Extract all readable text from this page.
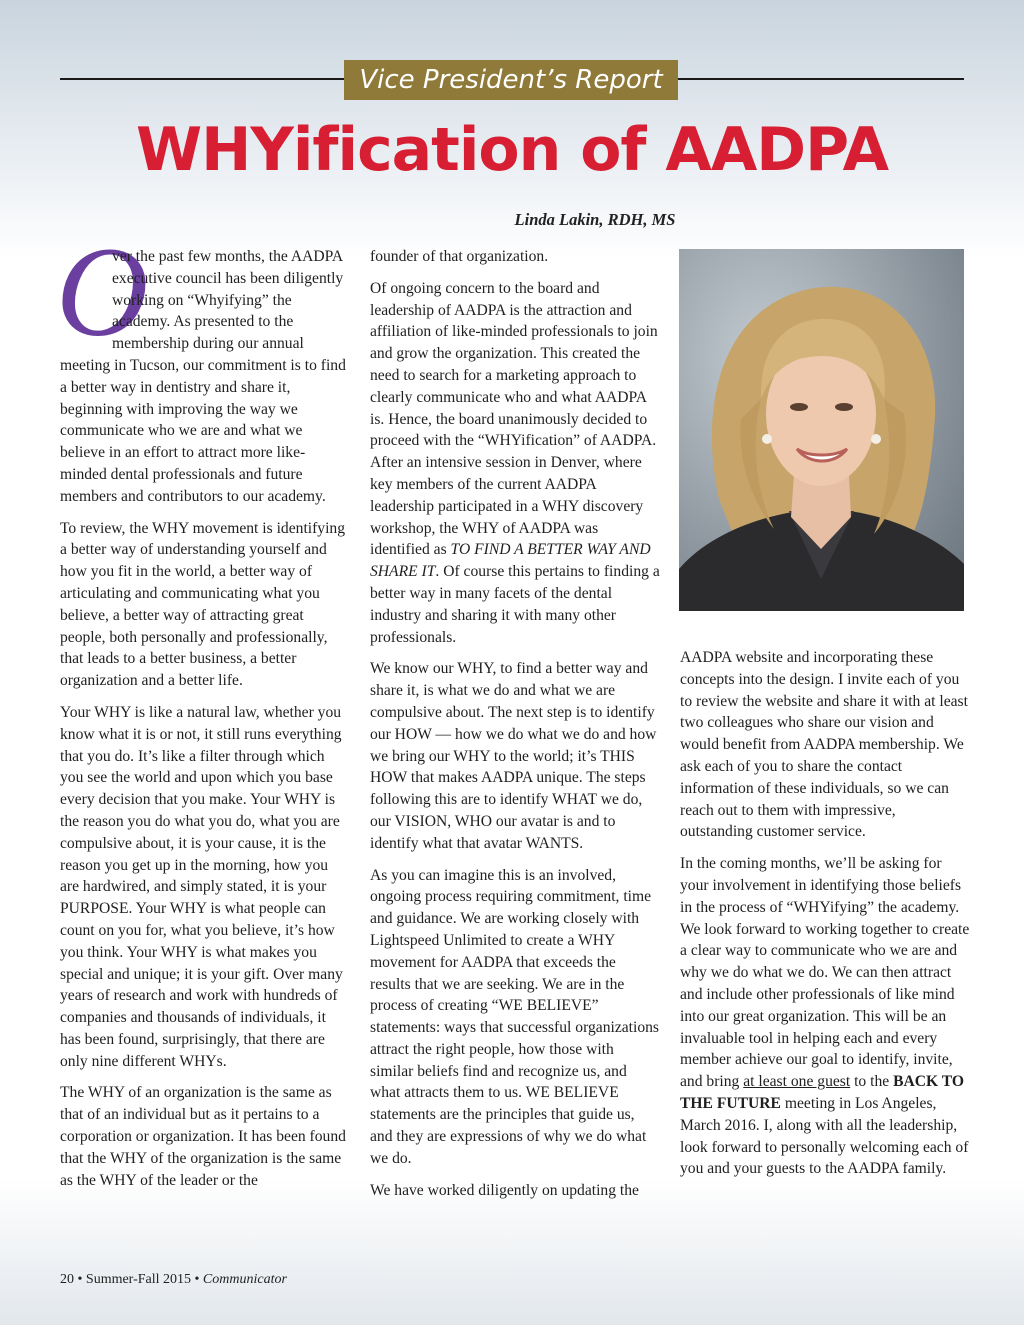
Vice President’s Report
WHYification of AADPA

Linda Lakin, RDH, MS

O
ver the past few months, the AADPA executive council has been diligently working on “Whyifying” the academy. As presented to the membership during our annual meeting in Tucson, our commitment is to find a better way in dentistry and share it, beginning with improving the way we communicate who we are and what we believe in an effort to attract more like-minded dental professionals and future members and contributors to our academy.

To review, the WHY movement is identifying a better way of understanding yourself and how you fit in the world, a better way of articulating and communicating what you believe, a better way of attracting great people, both personally and professionally, that leads to a better business, a better organization and a better life.

Your WHY is like a natural law, whether you know what it is or not, it still runs everything that you do. It’s like a filter through which you see the world and upon which you base every decision that you make. Your WHY is the reason you do what you do, what you are compulsive about, it is your cause, it is the reason you get up in the morning, how you are hardwired, and simply stated, it is your PURPOSE. Your WHY is what people can count on you for, what you believe, it’s how you think. Your WHY is what makes you special and unique; it is your gift. Over many years of research and work with hundreds of companies and thousands of individuals, it has been found, surprisingly, that there are only nine different WHYs.

The WHY of an organization is the same as that of an individual but as it pertains to a corporation or organization. It has been found that the WHY of the organization is the same as the WHY of the leader or the

founder of that organization.

Of ongoing concern to the board and leadership of AADPA is the attraction and affiliation of like-minded professionals to join and grow the organization. This created the need to search for a marketing approach to clearly communicate who and what AADPA is. Hence, the board unanimously decided to proceed with the “WHYification” of AADPA. After an intensive session in Denver, where key members of the current AADPA leadership participated in a WHY discovery workshop, the WHY of AADPA was identified as TO FIND A BETTER WAY AND SHARE IT. Of course this pertains to finding a better way in many facets of the dental industry and sharing it with many other professionals.

We know our WHY, to find a better way and share it, is what we do and what we are compulsive about. The next step is to identify our HOW — how we do what we do and how we bring our WHY to the world; it’s THIS HOW that makes AADPA unique. The steps following this are to identify WHAT we do, our VISION, WHO our avatar is and to identify what that avatar WANTS.

As you can imagine this is an involved, ongoing process requiring commitment, time and guidance. We are working closely with Lightspeed Unlimited to create a WHY movement for AADPA that exceeds the results that we are seeking. We are in the process of creating “WE BELIEVE” statements: ways that successful organizations attract the right people, how those with similar beliefs find and recognize us, and what attracts them to us. WE BELIEVE statements are the principles that guide us, and they are expressions of why we do what we do.

We have worked diligently on updating the

AADPA website and incorporating these concepts into the design. I invite each of you to review the website and share it with at least two colleagues who share our vision and would benefit from AADPA membership. We ask each of you to share the contact information of these individuals, so we can reach out to them with impressive, outstanding customer service.

In the coming months, we’ll be asking for your involvement in identifying those beliefs in the process of “WHYifying” the academy. We look forward to working together to create a clear way to communicate who we are and why we do what we do. We can then attract and include other professionals of like mind into our great organization. This will be an invaluable tool in helping each and every member achieve our goal to identify, invite, and bring at least one guest to the BACK TO THE FUTURE meeting in Los Angeles, March 2016. I, along with all the leadership, look forward to personally welcoming each of you and your guests to the AADPA family.

20 • Summer-Fall 2015 • Communicator
